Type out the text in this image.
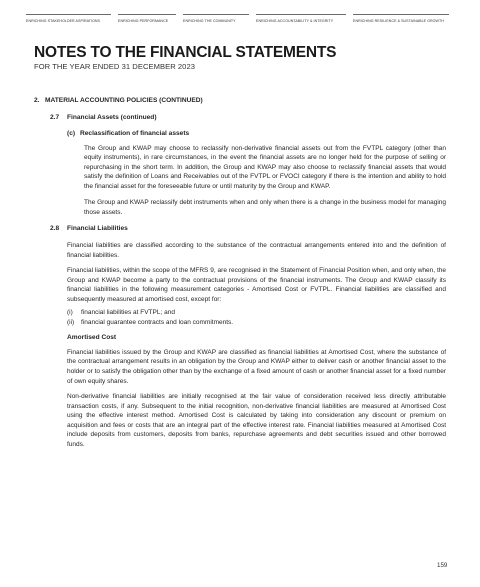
ENRICHING STAKEHOLDER ASPIRATIONS	ENRICHING PERFORMANCE	ENRICHING THE COMMUNITY	ENRICHING ACCOUNTABILITY & INTEGRITY	ENRICHING RESILIENCE & SUSTAINABLE GROWTH
NOTES TO THE FINANCIAL STATEMENTS
FOR THE YEAR ENDED 31 DECEMBER 2023
2. MATERIAL ACCOUNTING POLICIES (CONTINUED)
2.7 Financial Assets (continued)
(c) Reclassification of financial assets

The Group and KWAP may choose to reclassify non-derivative financial assets out from the FVTPL category (other than equity instruments), in rare circumstances, in the event the financial assets are no longer held for the purpose of selling or repurchasing in the short term. In addition, the Group and KWAP may also choose to reclassify financial assets that would satisfy the definition of Loans and Receivables out of the FVTPL or FVOCI category if there is the intention and ability to hold the financial asset for the foreseeable future or until maturity by the Group and KWAP.

The Group and KWAP reclassify debt instruments when and only when there is a change in the business model for managing those assets.

2.8 Financial Liabilities

Financial liabilities are classified according to the substance of the contractual arrangements entered into and the definition of financial liabilities.

Financial liabilities, within the scope of the MFRS 9, are recognised in the Statement of Financial Position when, and only when, the Group and KWAP become a party to the contractual provisions of the financial instruments. The Group and KWAP classify its financial liabilities in the following measurement categories - Amortised Cost or FVTPL. Financial liabilities are classified and subsequently measured at amortised cost, except for:

(i)	financial liabilities at FVTPL; and
(ii)	financial guarantee contracts and loan commitments.
Amortised Cost

Financial liabilities issued by the Group and KWAP are classified as financial liabilities at Amortised Cost, where the substance of the contractual arrangement results in an obligation by the Group and KWAP either to deliver cash or another financial asset to the holder or to satisfy the obligation other than by the exchange of a fixed amount of cash or another financial asset for a fixed number of own equity shares.

Non-derivative financial liabilities are initially recognised at the fair value of consideration received less directly attributable transaction costs, if any. Subsequent to the initial recognition, non-derivative financial liabilities are measured at Amortised Cost using the effective interest method. Amortised Cost is calculated by taking into consideration any discount or premium on acquisition and fees or costs that are an integral part of the effective interest rate. Financial liabilities measured at Amortised Cost include deposits from customers, deposits from banks, repurchase agreements and debt securities issued and other borrowed funds.

159
